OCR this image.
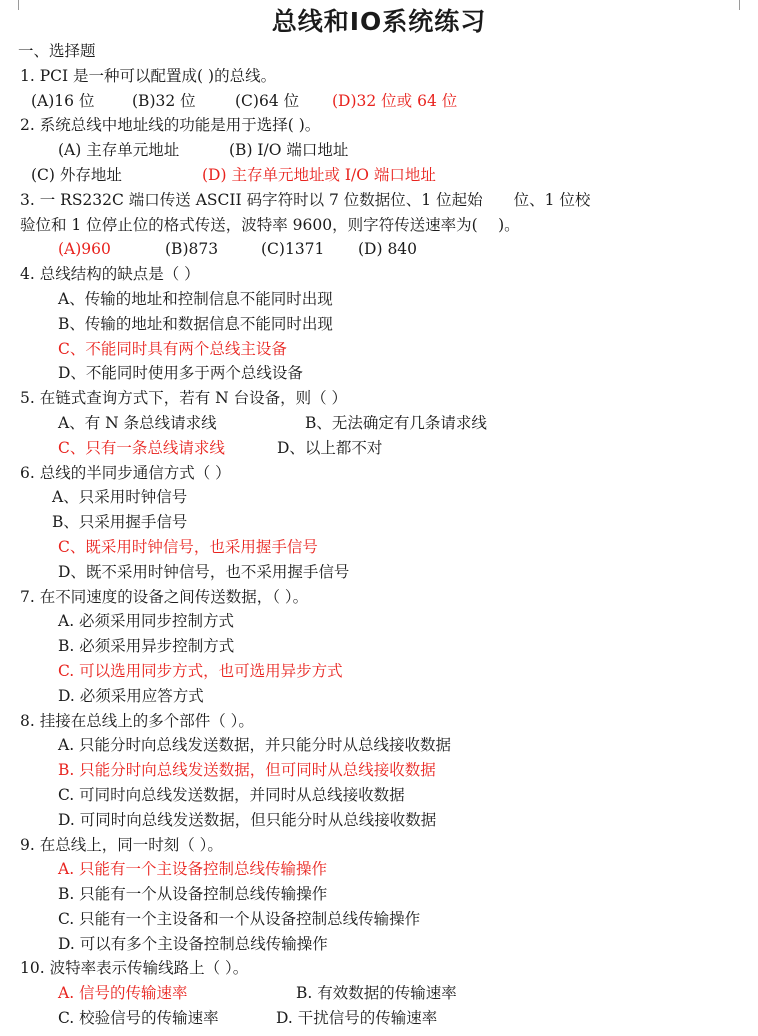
总线和IO系统练习
一、选择题
1. PCI 是一种可以配置成( )的总线。
(A)16 位 (B)32 位	(C)64 位 (D)32 位或 64 位
2. 系统总线中地址线的功能是用于选择( )。
(A) 主存单元地址	(B) I/O 端口地址
(C) 外存地址	(D) 主存单元地址或 I/O 端口地址
3. 一 RS232C 端口传送 ASCII 码字符时以 7 位数据位、1 位起始　　位、1 位校
验位和 1 位停止位的格式传送，波特率 9600，则字符传送速率为(　 )。
(A)960	(B)873	(C)1371 (D) 840
4. 总线结构的缺点是（ ）
A、传输的地址和控制信息不能同时出现
B、传输的地址和数据信息不能同时出现
C、不能同时具有两个总线主设备
D、不能同时使用多于两个总线设备
5. 在链式查询方式下，若有 N 台设备，则（ ）
A、有 N 条总线请求线	B、无法确定有几条请求线
C、只有一条总线请求线	D、以上都不对
6. 总线的半同步通信方式（ ）
A、只采用时钟信号
B、只采用握手信号
C、既采用时钟信号，也采用握手信号
D、既不采用时钟信号，也不采用握手信号
7. 在不同速度的设备之间传送数据，（ ）。
A. 必须采用同步控制方式
B. 必须采用异步控制方式
C. 可以选用同步方式，也可选用异步方式
D. 必须采用应答方式
8. 挂接在总线上的多个部件（ ）。
A. 只能分时向总线发送数据，并只能分时从总线接收数据
B. 只能分时向总线发送数据，但可同时从总线接收数据
C. 可同时向总线发送数据，并同时从总线接收数据
D. 可同时向总线发送数据，但只能分时从总线接收数据
9. 在总线上，同一时刻（ ）。
A. 只能有一个主设备控制总线传输操作
B. 只能有一个从设备控制总线传输操作
C. 只能有一个主设备和一个从设备控制总线传输操作
D. 可以有多个主设备控制总线传输操作
10. 波特率表示传输线路上（ ）。
A. 信号的传输速率	B. 有效数据的传输速率
C. 校验信号的传输速率	D. 干扰信号的传输速率
